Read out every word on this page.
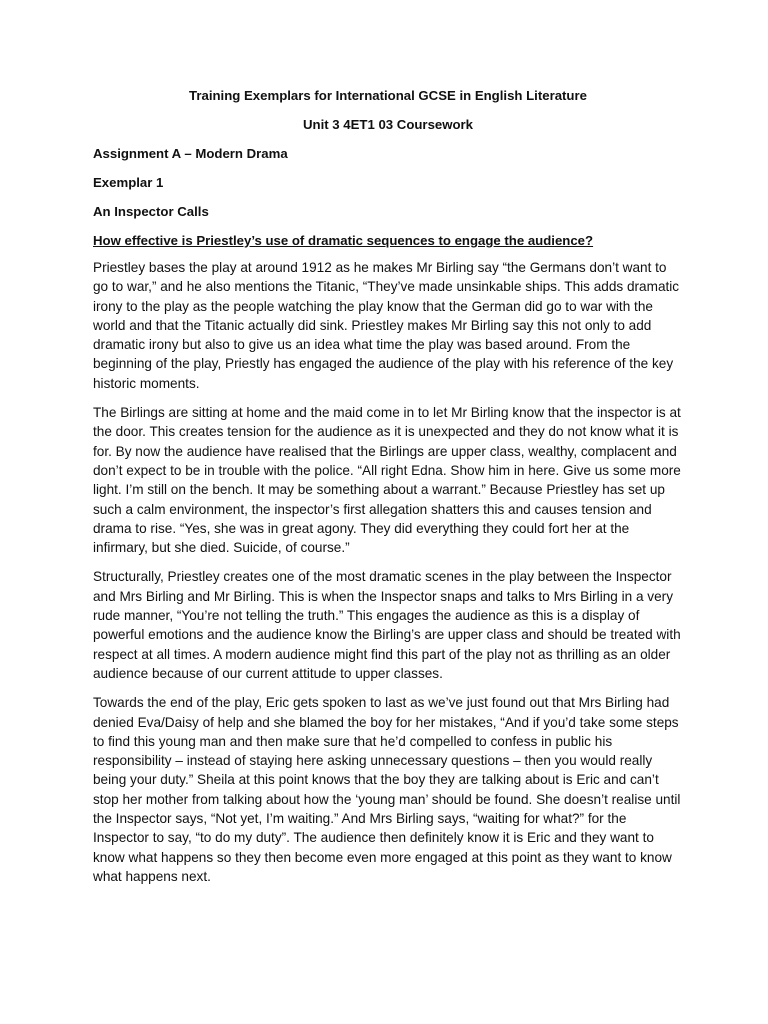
Training Exemplars for International GCSE in English Literature

Unit 3 4ET1 03 Coursework

Assignment A – Modern Drama

Exemplar 1

An Inspector Calls

How effective is Priestley’s use of dramatic sequences to engage the audience?

Priestley bases the play at around 1912 as he makes Mr Birling say “the Germans don’t want to go to war,” and he also mentions the Titanic, “They’ve made unsinkable ships. This adds dramatic irony to the play as the people watching the play know that the German did go to war with the world and that the Titanic actually did sink. Priestley makes Mr Birling say this not only to add dramatic irony but also to give us an idea what time the play was based around. From the beginning of the play, Priestly has engaged the audience of the play with his reference of the key historic moments.

The Birlings are sitting at home and the maid come in to let Mr Birling know that the inspector is at the door. This creates tension for the audience as it is unexpected and they do not know what it is for. By now the audience have realised that the Birlings are upper class, wealthy, complacent and don’t expect to be in trouble with the police. “All right Edna. Show him in here. Give us some more light. I’m still on the bench. It may be something about a warrant.” Because Priestley has set up such a calm environment, the inspector’s first allegation shatters this and causes tension and drama to rise. “Yes, she was in great agony. They did everything they could fort her at the infirmary, but she died. Suicide, of course.”

Structurally, Priestley creates one of the most dramatic scenes in the play between the Inspector and Mrs Birling and Mr Birling. This is when the Inspector snaps and talks to Mrs Birling in a very rude manner, “You’re not telling the truth.” This engages the audience as this is a display of powerful emotions and the audience know the Birling’s are upper class and should be treated with respect at all times. A modern audience might find this part of the play not as thrilling as an older audience because of our current attitude to upper classes.

Towards the end of the play, Eric gets spoken to last as we’ve just found out that Mrs Birling had denied Eva/Daisy of help and she blamed the boy for her mistakes, “And if you’d take some steps to find this young man and then make sure that he’d compelled to confess in public his responsibility – instead of staying here asking unnecessary questions – then you would really being your duty.” Sheila at this point knows that the boy they are talking about is Eric and can’t stop her mother from talking about how the ‘young man’ should be found. She doesn’t realise until the Inspector says, “Not yet, I’m waiting.” And Mrs Birling says, “waiting for what?” for the Inspector to say, “to do my duty”. The audience then definitely know it is Eric and they want to know what happens so they then become even more engaged at this point as they want to know what happens next.
